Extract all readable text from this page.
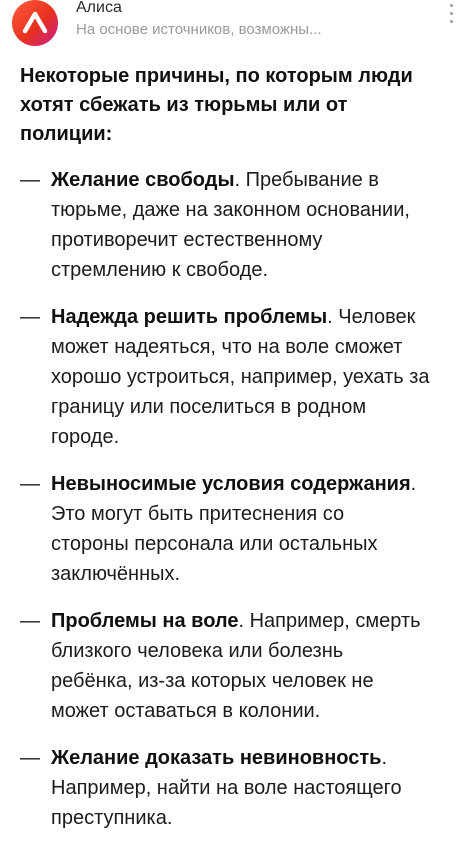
Алиса
На основе источников, возможны...
Некоторые причины, по которым люди хотят сбежать из тюрьмы или от полиции:
— Желание свободы. Пребывание в
тюрьме, даже на законном основании,
противоречит естественному
стремлению к свободе.
— Надежда решить проблемы. Человек
может надеяться, что на воле сможет
хорошо устроиться, например, уехать за
границу или поселиться в родном
городе.
— Невыносимые условия содержания.
Это могут быть притеснения со
стороны персонала или остальных
заключённых.
— Проблемы на воле. Например, смерть
близкого человека или болезнь
ребёнка, из-за которых человек не
может оставаться в колонии.
— Желание доказать невиновность.
Например, найти на воле настоящего
преступника.
